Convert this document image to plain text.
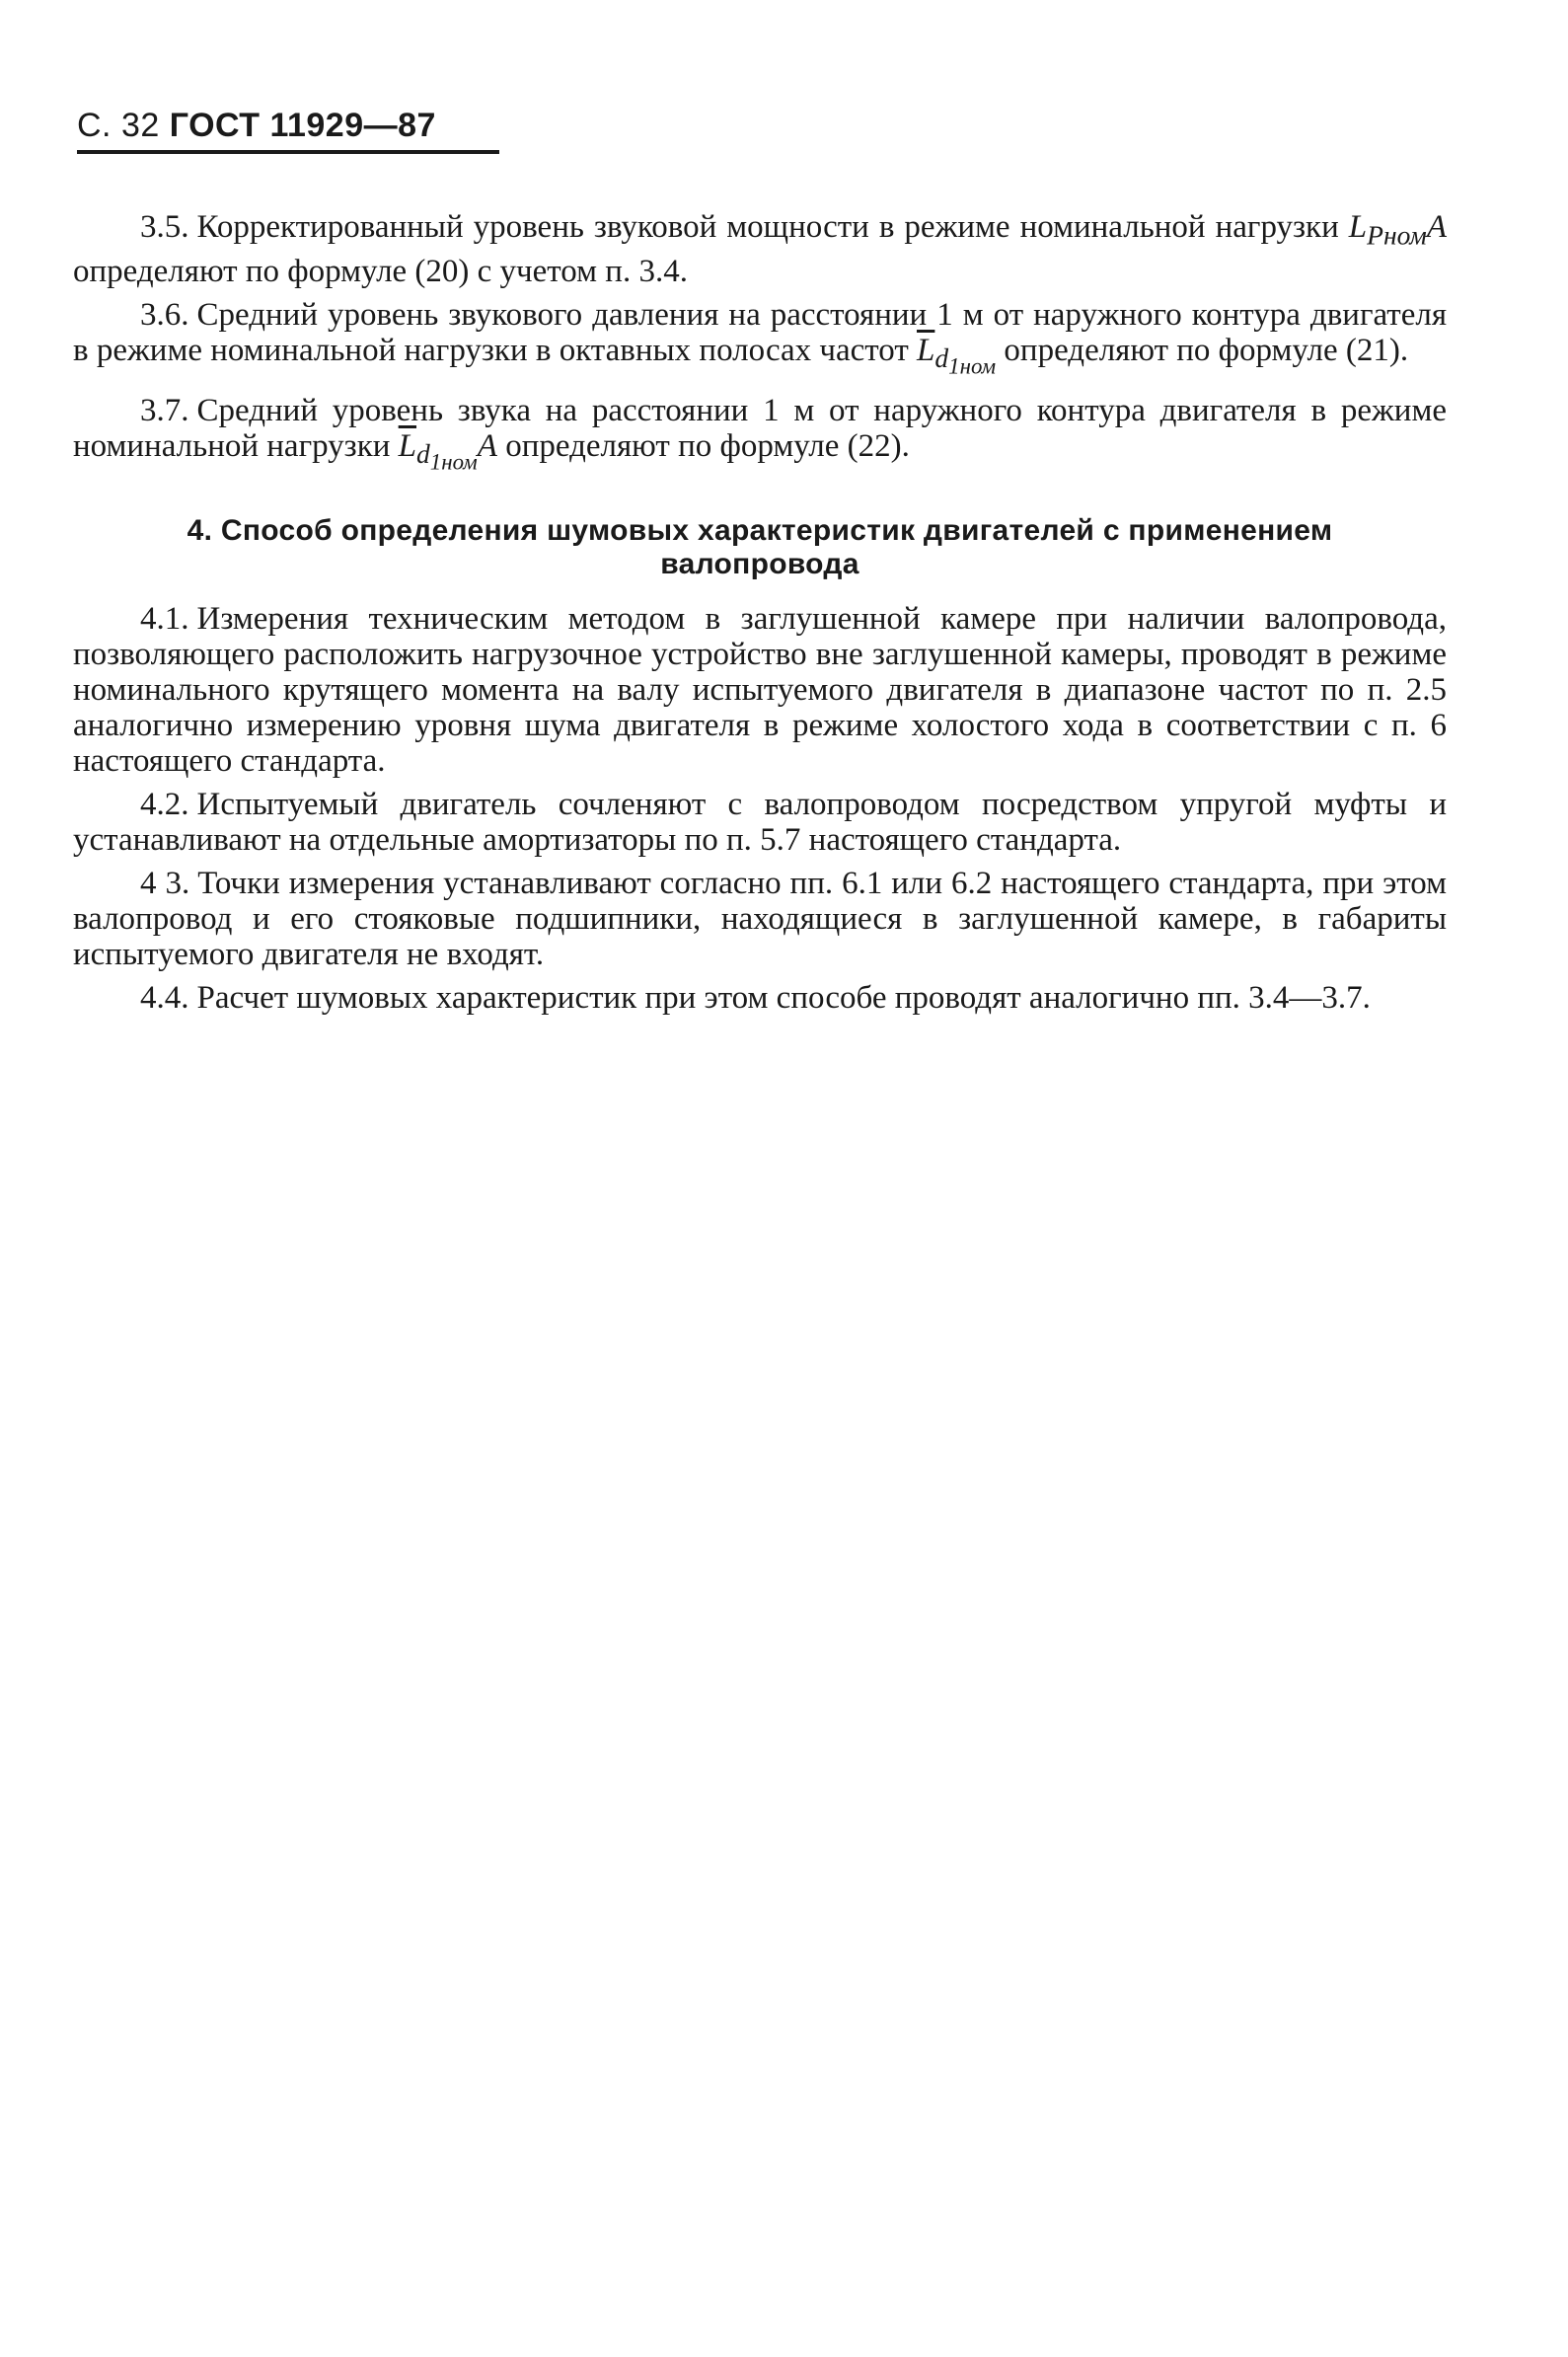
С. 32 ГОСТ 11929—87

3.5. Корректированный уровень звуковой мощности в режиме номинальной нагрузки $L_{Pном}A$ определяют по формуле (20) с учетом п. 3.4.

3.6. Средний уровень звукового давления на расстоянии 1 м от наружного контура двигателя в режиме номинальной нагрузки в октавных полосах частот $\overline{L}_{d_{1ном}}$ определяют по формуле (21).

3.7. Средний уровень звука на расстоянии 1 м от наружного контура двигателя в режиме номинальной нагрузки $\overline{L}_{d_{1ном}}A$ определяют по формуле (22).

4. Способ определения шумовых характеристик двигателей с применением валопровода

4.1. Измерения техническим методом в заглушенной камере при наличии валопровода, позволяющего расположить нагрузочное устройство вне заглушенной камеры, проводят в режиме номинального крутящего момента на валу испытуемого двигателя в диапазоне частот по п. 2.5 аналогично измерению уровня шума двигателя в режиме холостого хода в соответствии с п. 6 настоящего стандарта.

4.2. Испытуемый двигатель сочленяют с валопроводом посредством упругой муфты и устанавливают на отдельные амортизаторы по п. 5.7 настоящего стандарта.

4 3. Точки измерения устанавливают согласно пп. 6.1 или 6.2 настоящего стандарта, при этом валопровод и его стояковые подшипники, находящиеся в заглушенной камере, в габариты испытуемого двигателя не входят.

4.4. Расчет шумовых характеристик при этом способе проводят аналогично пп. 3.4—3.7.
